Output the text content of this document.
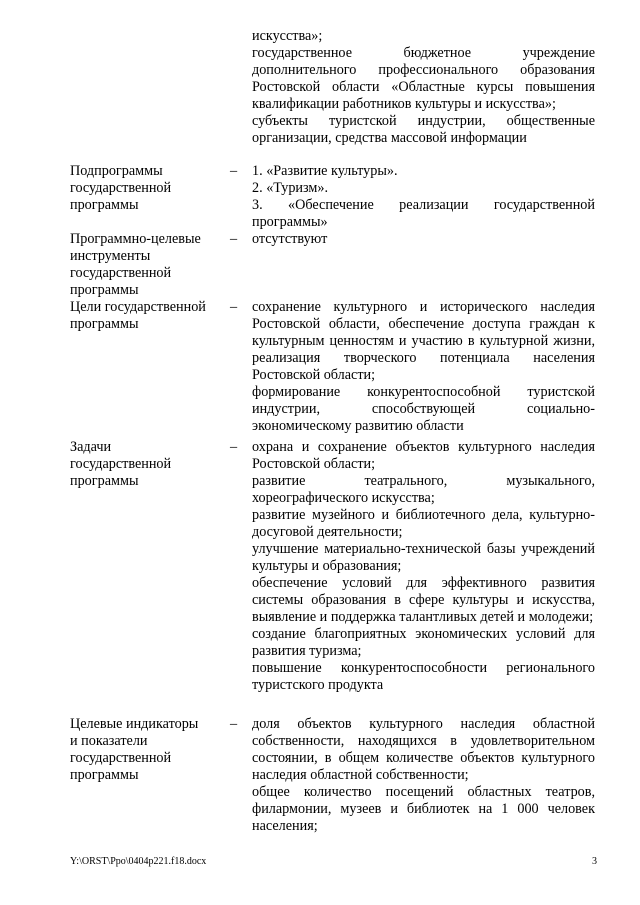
искусства»;

государственное бюджетное учреждение дополнительного профессионального образования Ростовской области «Областные курсы повышения квалификации работников культуры и искусства»;

субъекты туристской индустрии, общественные организации, средства массовой информации

Подпрограммы
государственной
программы
–	1. «Развитие культуры».

2. «Туризм».

3. «Обеспечение реализации государственной программы»

Программно-целевые
инструменты
государственной
программы
–	отсутствуют

Цели государственной
программы
–	сохранение культурного и исторического наследия Ростовской области, обеспечение доступа граждан к культурным ценностям и участию в культурной жизни, реализация творческого потенциала населения Ростовской области;

формирование конкурентоспособной туристской индустрии, способствующей социально-экономическому развитию области

Задачи
государственной
программы
–	охрана и сохранение объектов культурного наследия Ростовской области;

развитие театрального, музыкального, хореографического искусства;

развитие музейного и библиотечного дела, культурно-досуговой деятельности;

улучшение материально-технической базы учреждений культуры и образования;

обеспечение условий для эффективного развития системы образования в сфере культуры и искусства, выявление и поддержка талантливых детей и молодежи;

создание благоприятных экономических условий для развития туризма;

повышение конкурентоспособности регионального туристского продукта

Целевые индикаторы
и показатели
государственной
программы
–	доля объектов культурного наследия областной собственности, находящихся в удовлетворительном состоянии, в общем количестве объектов культурного наследия областной собственности;

общее количество посещений областных театров, филармонии, музеев и библиотек на 1 000 человек населения;

Y:\ORST\Ppo\0404p221.f18.docx	3
